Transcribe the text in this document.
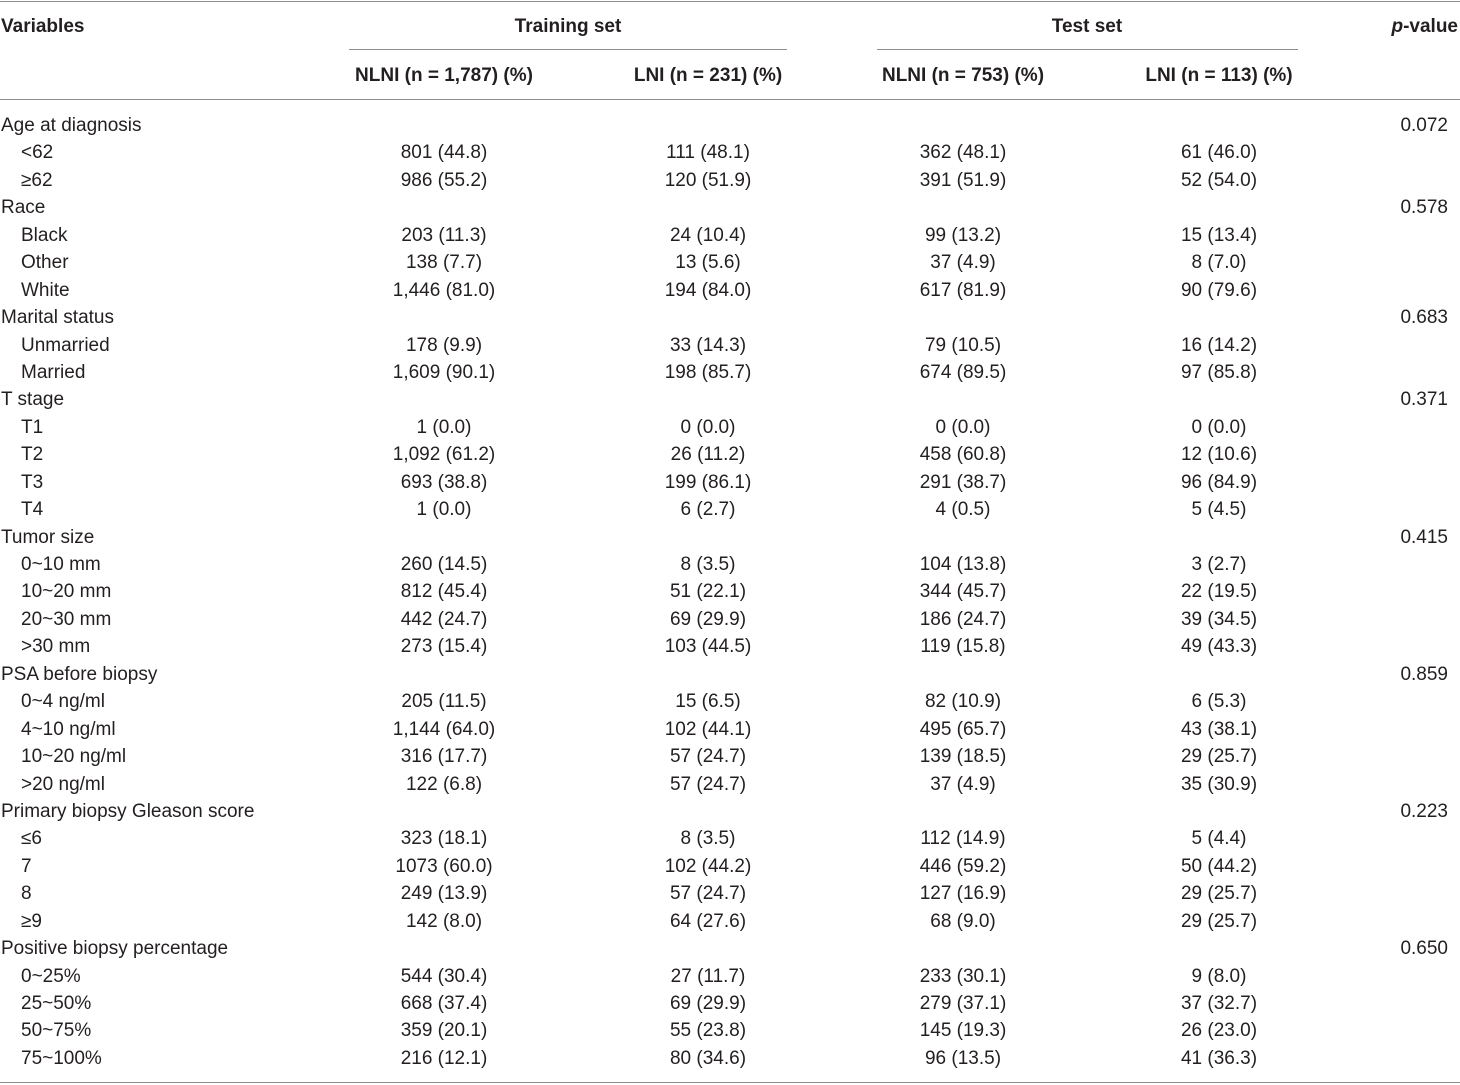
Variables	Training set	Test set	p-value
NLNI (n = 1,787) (%)	LNI (n = 231) (%)	NLNI (n = 753) (%)	LNI (n = 113) (%)
Age at diagnosis	0.072
<62	801 (44.8)	111 (48.1)	362 (48.1)	61 (46.0)
≥62	986 (55.2)	120 (51.9)	391 (51.9)	52 (54.0)
Race	0.578
Black	203 (11.3)	24 (10.4)	99 (13.2)	15 (13.4)
Other	138 (7.7)	13 (5.6)	37 (4.9)	8 (7.0)
White	1,446 (81.0)	194 (84.0)	617 (81.9)	90 (79.6)
Marital status	0.683
Unmarried	178 (9.9)	33 (14.3)	79 (10.5)	16 (14.2)
Married	1,609 (90.1)	198 (85.7)	674 (89.5)	97 (85.8)
T stage	0.371
T1	1 (0.0)	0 (0.0)	0 (0.0)	0 (0.0)
T2	1,092 (61.2)	26 (11.2)	458 (60.8)	12 (10.6)
T3	693 (38.8)	199 (86.1)	291 (38.7)	96 (84.9)
T4	1 (0.0)	6 (2.7)	4 (0.5)	5 (4.5)
Tumor size	0.415
0~10 mm	260 (14.5)	8 (3.5)	104 (13.8)	3 (2.7)
10~20 mm	812 (45.4)	51 (22.1)	344 (45.7)	22 (19.5)
20~30 mm	442 (24.7)	69 (29.9)	186 (24.7)	39 (34.5)
>30 mm	273 (15.4)	103 (44.5)	119 (15.8)	49 (43.3)
PSA before biopsy	0.859
0~4 ng/ml	205 (11.5)	15 (6.5)	82 (10.9)	6 (5.3)
4~10 ng/ml	1,144 (64.0)	102 (44.1)	495 (65.7)	43 (38.1)
10~20 ng/ml	316 (17.7)	57 (24.7)	139 (18.5)	29 (25.7)
>20 ng/ml	122 (6.8)	57 (24.7)	37 (4.9)	35 (30.9)
Primary biopsy Gleason score	0.223
≤6	323 (18.1)	8 (3.5)	112 (14.9)	5 (4.4)
7	1073 (60.0)	102 (44.2)	446 (59.2)	50 (44.2)
8	249 (13.9)	57 (24.7)	127 (16.9)	29 (25.7)
≥9	142 (8.0)	64 (27.6)	68 (9.0)	29 (25.7)
Positive biopsy percentage	0.650
0~25%	544 (30.4)	27 (11.7)	233 (30.1)	9 (8.0)
25~50%	668 (37.4)	69 (29.9)	279 (37.1)	37 (32.7)
50~75%	359 (20.1)	55 (23.8)	145 (19.3)	26 (23.0)
75~100%	216 (12.1)	80 (34.6)	96 (13.5)	41 (36.3)
